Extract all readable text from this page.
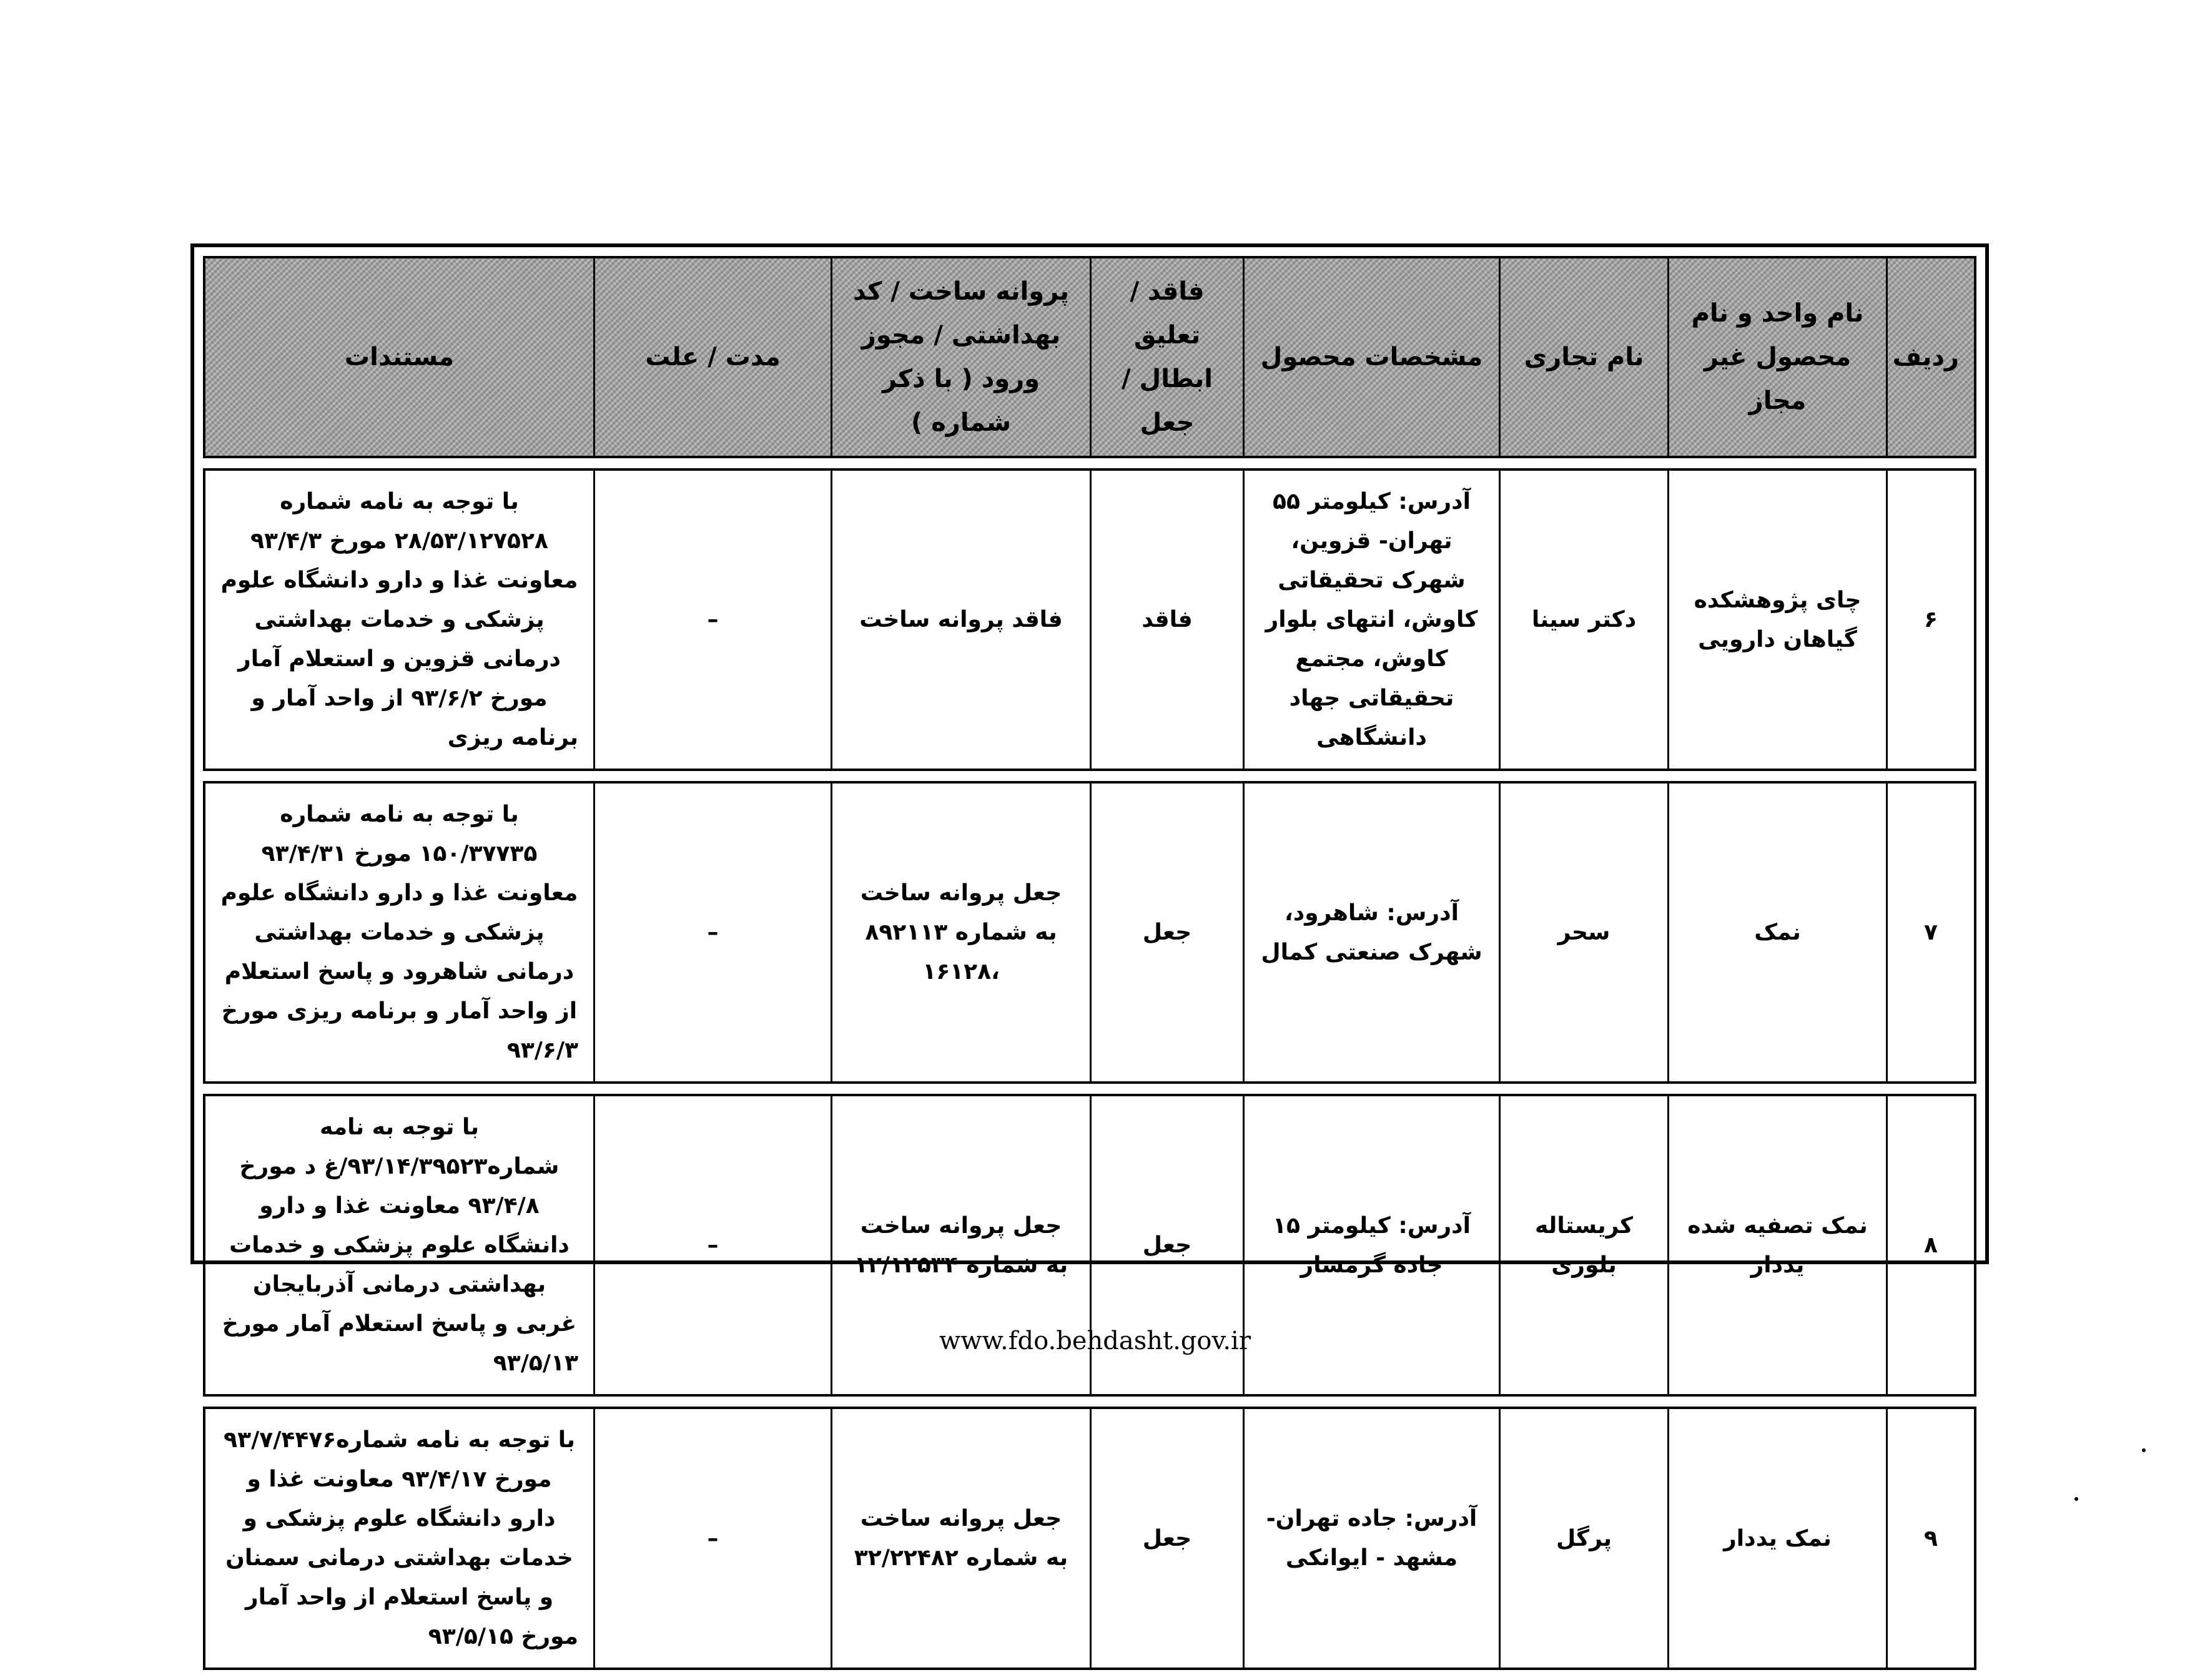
ردیف	نام واحد و نام محصول غیر مجاز	نام تجاری	مشخصات محصول	فاقد / تعلیق ابطال /جعل	پروانه ساخت / کد بهداشتی / مجوز ورود ( با ذکر شماره )	مدت / علت	مستندات
۶	چای پژوهشکده گیاهان دارویی	دکتر سینا	آدرس: کیلومتر ۵۵ تهران- قزوین، شهرک تحقیقاتی کاوش، انتهای بلوار کاوش، مجتمع تحقیقاتی جهاد دانشگاهی	فاقد	فاقد پروانه ساخت	–	با توجه به نامه شماره ۲۸/۵۳/۱۲۷۵۲۸ مورخ ۹۳/۴/۳ معاونت غذا و دارو دانشگاه علوم پزشکی و خدمات بهداشتی درمانی قزوین و استعلام آمار مورخ ۹۳/۶/۲ از واحد آمار و برنامه ریزی
۷	نمک	سحر	آدرس: شاهرود، شهرک صنعتی کمال	جعل	جعل پروانه ساخت به شماره ۸۹۲۱۱۳ ،۱۶۱۲۸	–	با توجه به نامه شماره ۱۵۰/۳۷۷۳۵ مورخ ۹۳/۴/۳۱ معاونت غذا و دارو دانشگاه علوم پزشکی و خدمات بهداشتی درمانی شاهرود و پاسخ استعلام از واحد آمار و برنامه ریزی مورخ ۹۳/۶/۳
۸	نمک تصفیه شده یددار	کریستاله بلوری	آدرس: کیلومتر ۱۵ جاده گرمسار	جعل	جعل پروانه ساخت به شماره ۱۲/۱۲۵۳۴	–	با توجه به نامه شماره۹۳/۱۴/۳۹۵۲۳/غ د مورخ ۹۳/۴/۸ معاونت غذا و دارو دانشگاه علوم پزشکی و خدمات بهداشتی درمانی آذربایجان غربی و پاسخ استعلام آمار مورخ ۹۳/۵/۱۳
۹	نمک یددار	پرگل	آدرس: جاده تهران- مشهد - ایوانکی	جعل	جعل پروانه ساخت به شماره ۳۲/۲۲۴۸۲	–	با توجه به نامه شماره۹۳/۷/۴۴۷۶ مورخ ۹۳/۴/۱۷ معاونت غذا و دارو دانشگاه علوم پزشکی و خدمات بهداشتی درمانی سمنان و پاسخ استعلام از واحد آمار مورخ ۹۳/۵/۱۵
www.fdo.behdasht.gov.ir
